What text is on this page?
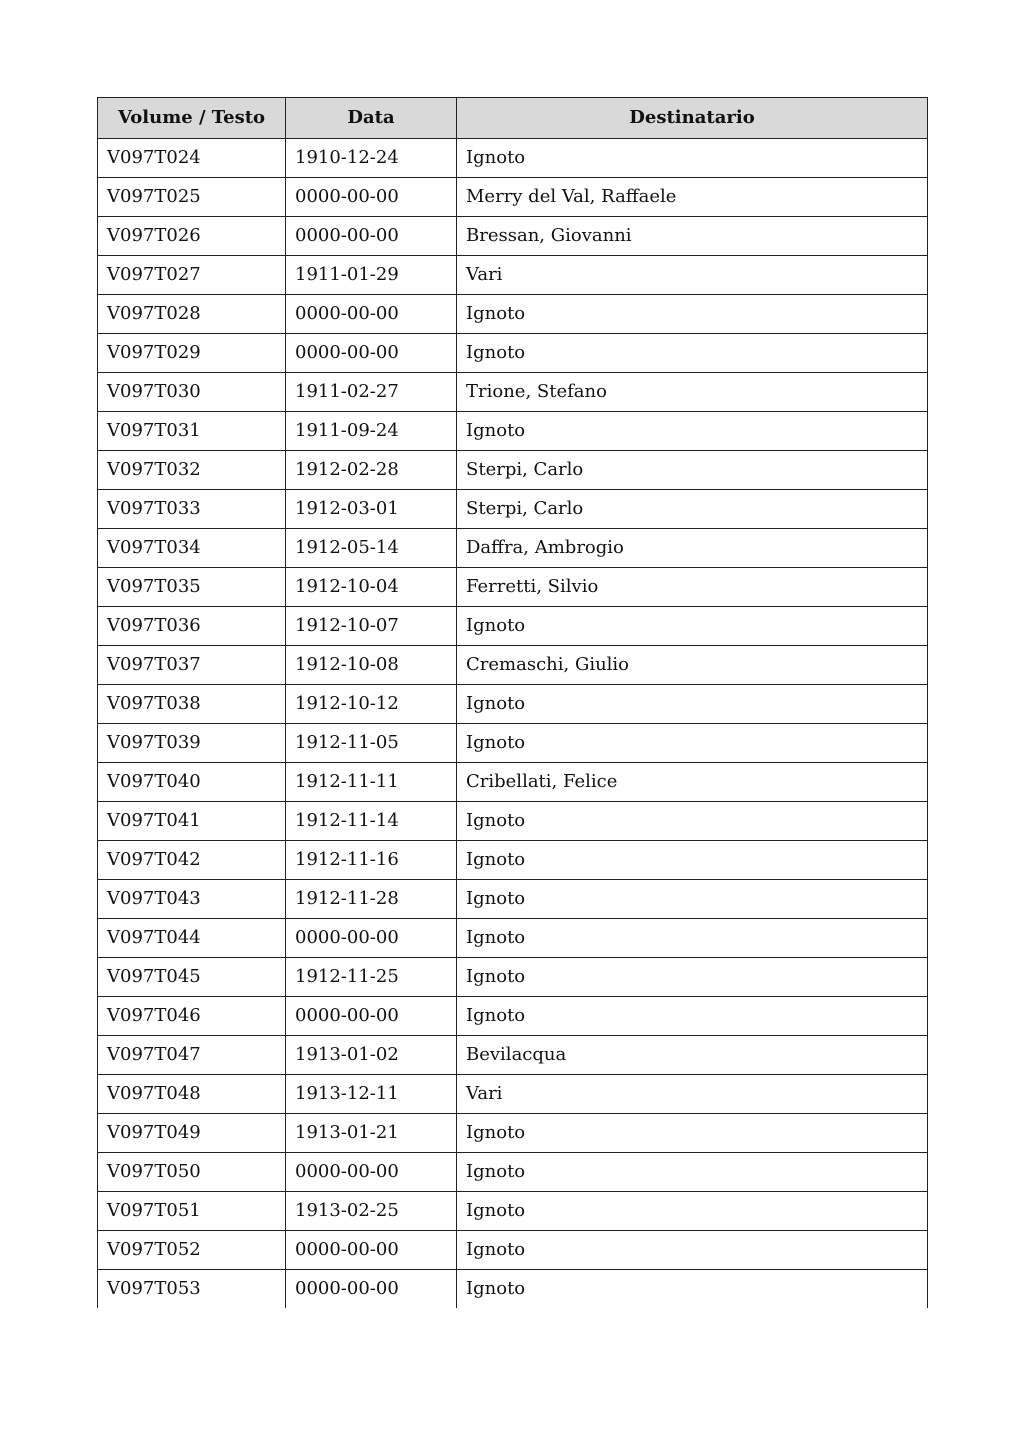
Volume / Testo	Data	Destinatario
V097T024	1910-12-24	Ignoto
V097T025	0000-00-00	Merry del Val, Raffaele
V097T026	0000-00-00	Bressan, Giovanni
V097T027	1911-01-29	Vari
V097T028	0000-00-00	Ignoto
V097T029	0000-00-00	Ignoto
V097T030	1911-02-27	Trione, Stefano
V097T031	1911-09-24	Ignoto
V097T032	1912-02-28	Sterpi, Carlo
V097T033	1912-03-01	Sterpi, Carlo
V097T034	1912-05-14	Daffra, Ambrogio
V097T035	1912-10-04	Ferretti, Silvio
V097T036	1912-10-07	Ignoto
V097T037	1912-10-08	Cremaschi, Giulio
V097T038	1912-10-12	Ignoto
V097T039	1912-11-05	Ignoto
V097T040	1912-11-11	Cribellati, Felice
V097T041	1912-11-14	Ignoto
V097T042	1912-11-16	Ignoto
V097T043	1912-11-28	Ignoto
V097T044	0000-00-00	Ignoto
V097T045	1912-11-25	Ignoto
V097T046	0000-00-00	Ignoto
V097T047	1913-01-02	Bevilacqua
V097T048	1913-12-11	Vari
V097T049	1913-01-21	Ignoto
V097T050	0000-00-00	Ignoto
V097T051	1913-02-25	Ignoto
V097T052	0000-00-00	Ignoto
V097T053	0000-00-00	Ignoto
